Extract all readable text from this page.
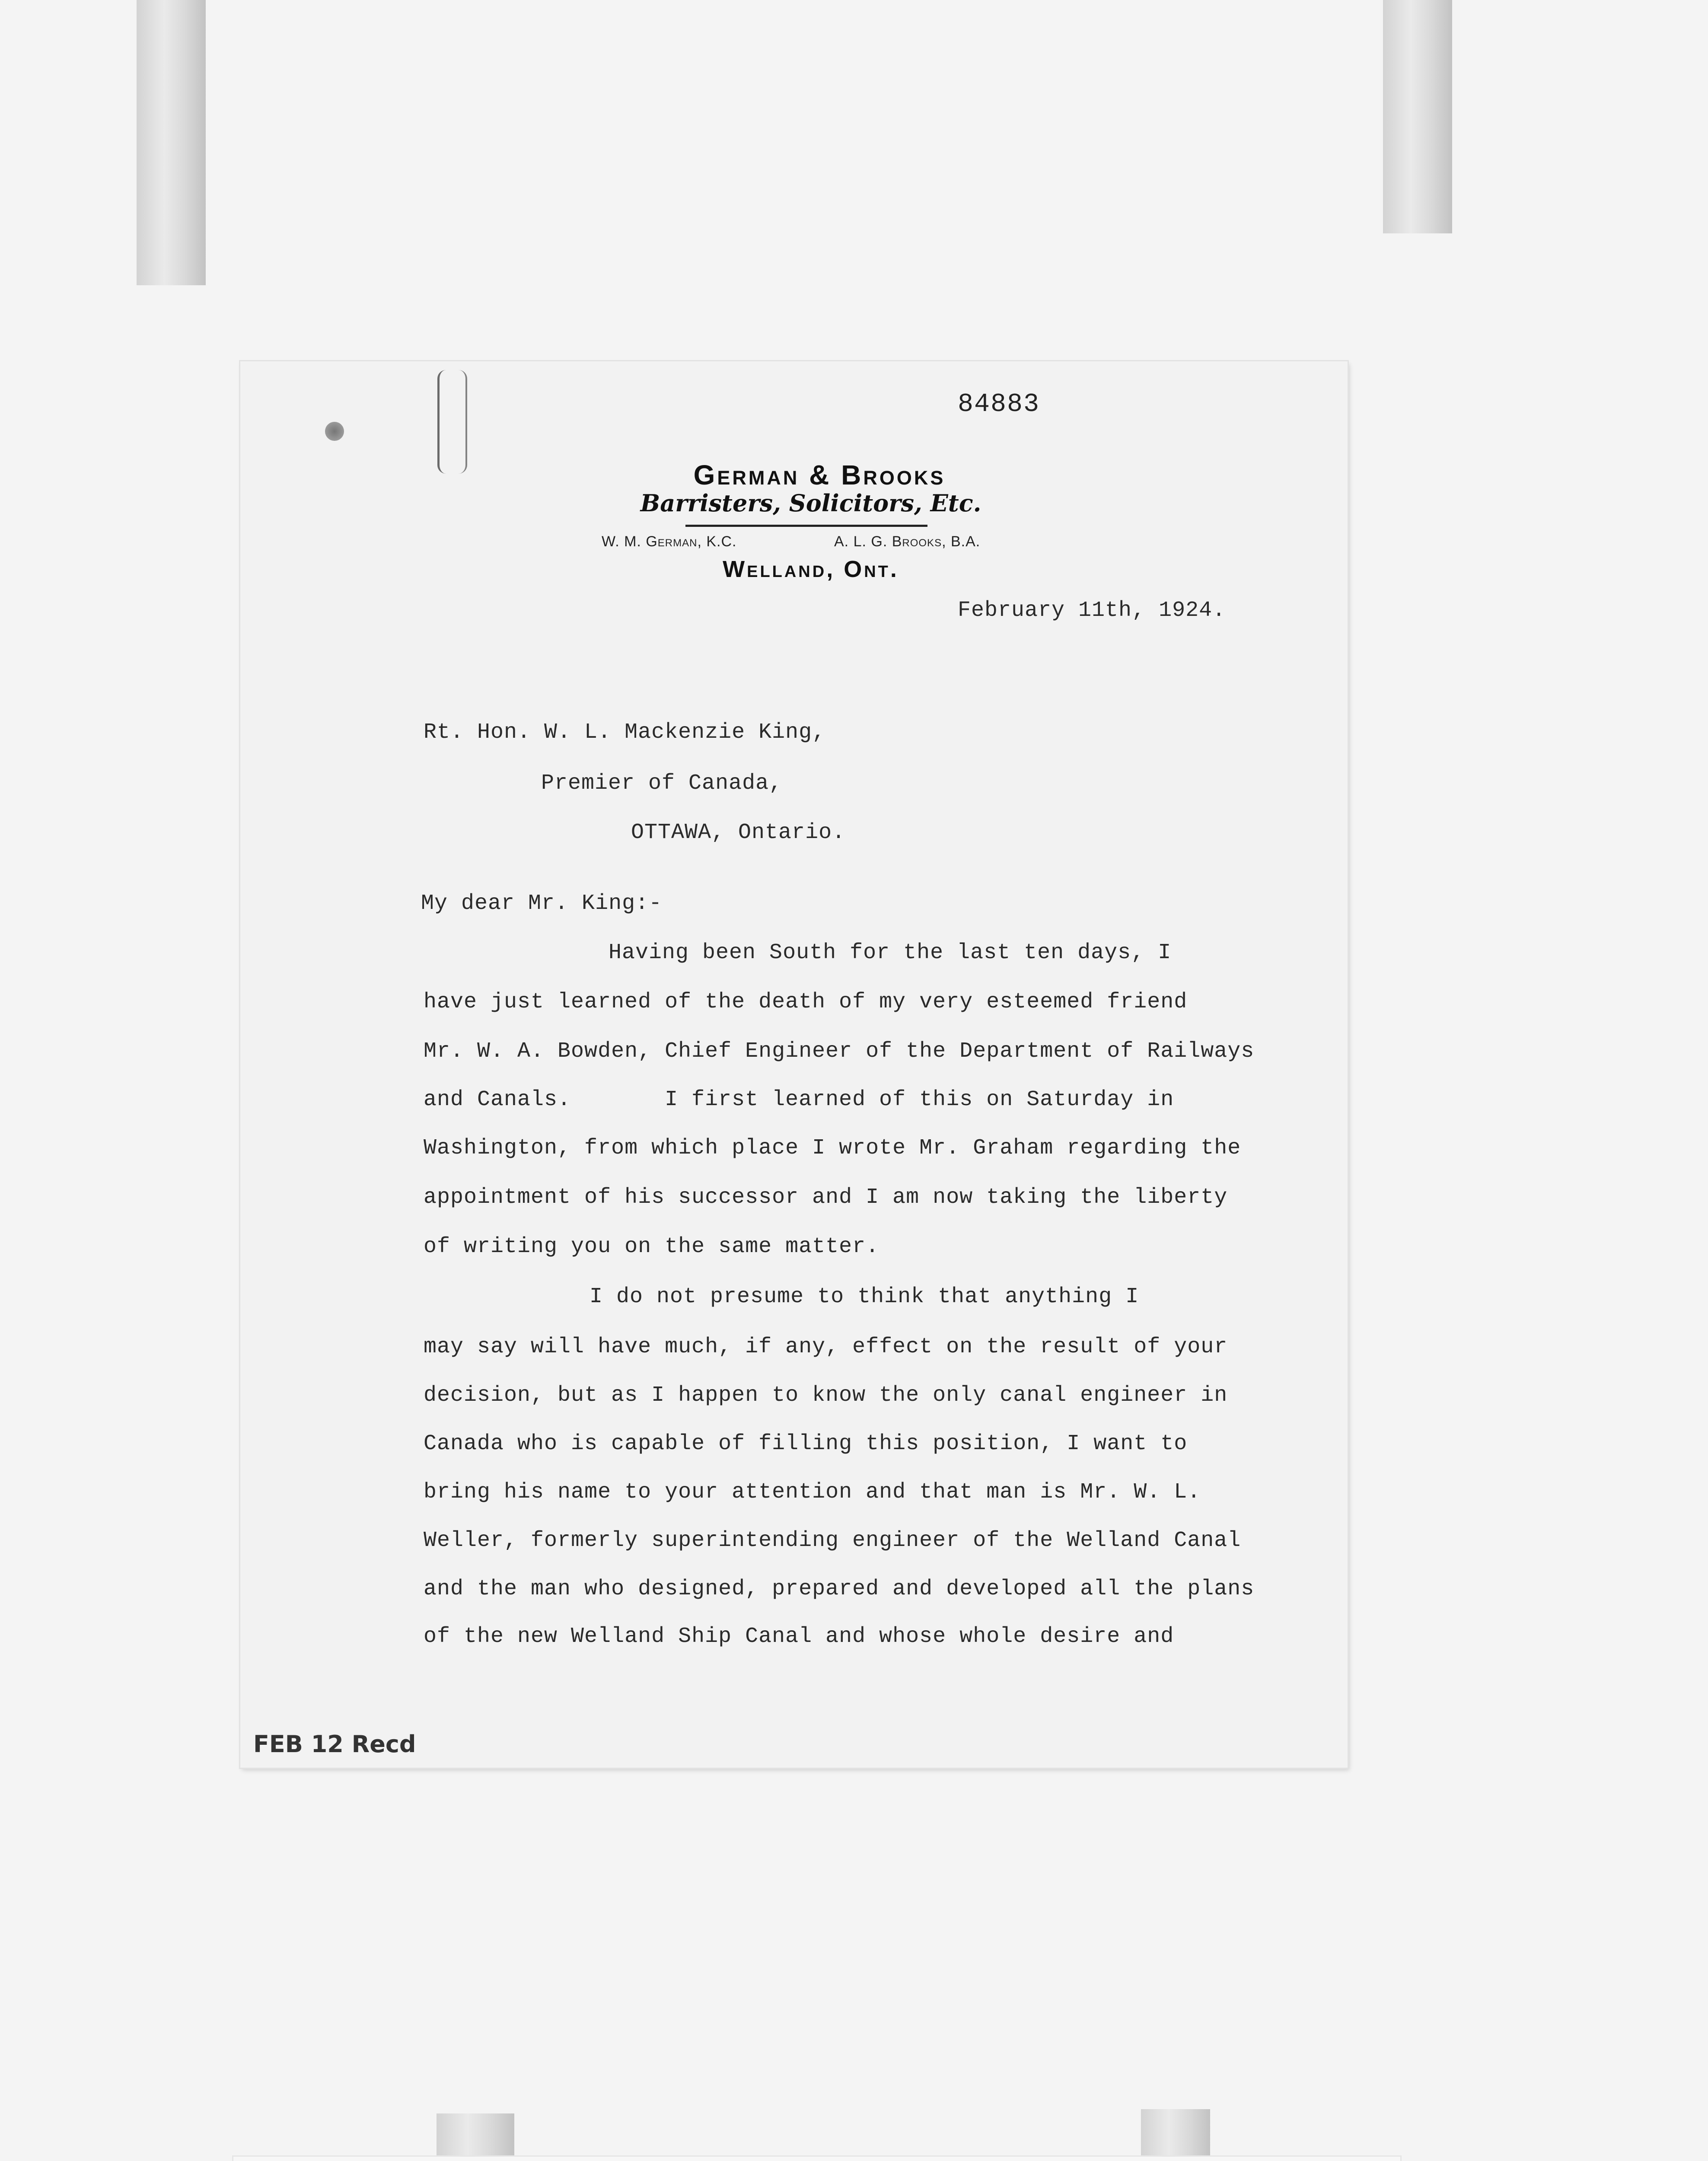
84883
German & Brooks
Barristers, Solicitors, Etc.
W. M. German, K.C.	A. L. G. Brooks, B.A.
Welland, Ont.
February 11th, 1924.
Rt. Hon. W. L. Mackenzie King,
Premier of Canada,
OTTAWA, Ontario.
My dear Mr. King:-
Having been South for the last ten days, I
have just learned of the death of my very esteemed friend
Mr. W. A. Bowden, Chief Engineer of the Department of Railways
and Canals.       I first learned of this on Saturday in
Washington, from which place I wrote Mr. Graham regarding the
appointment of his successor and I am now taking the liberty
of writing you on the same matter.
I do not presume to think that anything I
may say will have much, if any, effect on the result of your
decision, but as I happen to know the only canal engineer in
Canada who is capable of filling this position, I want to
bring his name to your attention and that man is Mr. W. L.
Weller, formerly superintending engineer of the Welland Canal
and the man who designed, prepared and developed all the plans
of the new Welland Ship Canal and whose whole desire and
FEB 12 Recd
